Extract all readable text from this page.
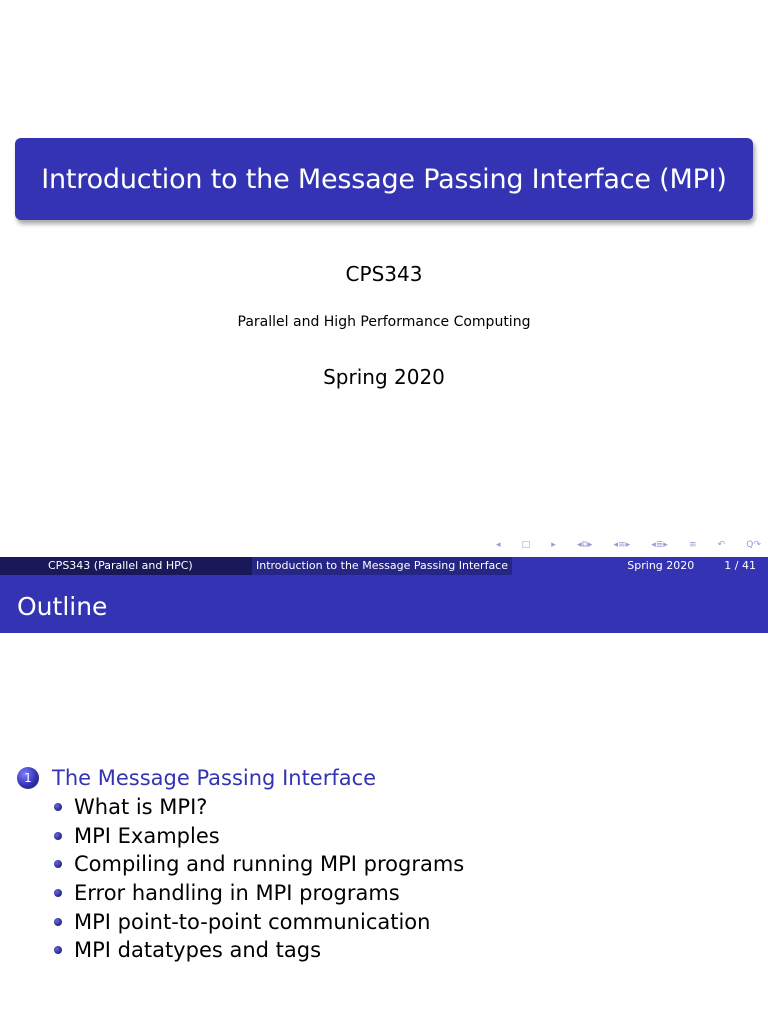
Introduction to the Message Passing Interface (MPI)
CPS343
Parallel and High Performance Computing
Spring 2020
◂ □ ▸ ◂⧉▸ ◂≡▸ ◂≣▸ ≡ ↶ Q↷
CPS343 (Parallel and HPC)	Introduction to the Message Passing Interface	Spring 2020	1 / 41
Outline
1 The Message Passing Interface
What is MPI?
MPI Examples
Compiling and running MPI programs
Error handling in MPI programs
MPI point-to-point communication
MPI datatypes and tags
